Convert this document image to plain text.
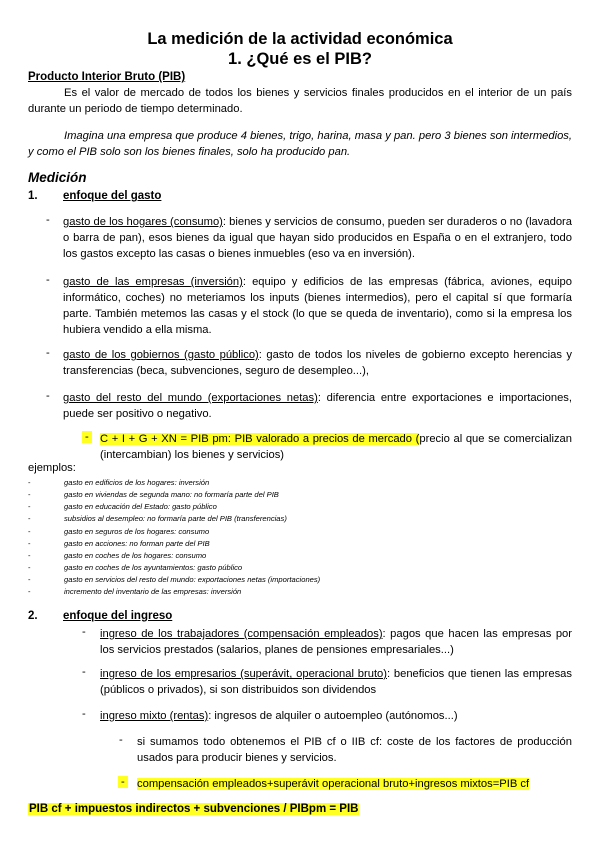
La medición de la actividad económica
1. ¿Qué es el PIB?
Producto Interior Bruto (PIB)
Es el valor de mercado de todos los bienes y servicios finales producidos en el interior de un país durante un periodo de tiempo determinado.
Imagina una empresa que produce 4 bienes, trigo, harina, masa y pan. pero 3 bienes son intermedios, y como el PIB solo son los bienes finales, solo ha producido pan.
Medición
1. enfoque del gasto
- gasto de los hogares (consumo): bienes y servicios de consumo, pueden ser duraderos o no (lavadora o barra de pan), esos bienes da igual que hayan sido producidos en España o en el extranjero, todo los gastos excepto las casas o bienes inmuebles (eso va en inversión).
- gasto de las empresas (inversión): equipo y edificios de las empresas (fábrica, aviones, equipo informático, coches) no meteriamos los inputs (bienes intermedios), pero el capital sí que formaría parte. También metemos las casas y el stock (lo que se queda de inventario), como si la empresa los hubiera vendido a ella misma.
- gasto de los gobiernos (gasto público): gasto de todos los niveles de gobierno excepto herencias y transferencias (beca, subvenciones, seguro de desempleo...),
- gasto del resto del mundo (exportaciones netas): diferencia entre exportaciones e importaciones, puede ser positivo o negativo.
- C + I + G + XN = PIB pm: PIB valorado a precios de mercado (precio al que se comercializan (intercambian) los bienes y servicios)
ejemplos:
-	gasto en edificios de los hogares: inversión
-	gasto en viviendas de segunda mano: no formaría parte del PIB
-	gasto en educación del Estado: gasto público
-	subsidios al desempleo: no formaría parte del PIB (transferencias)
-	gasto en seguros de los hogares: consumo
-	gasto en acciones: no forman parte del PIB
-	gasto en coches de los hogares: consumo
-	gasto en coches de los ayuntamientos: gasto público
-	gasto en servicios del resto del mundo: exportaciones netas (importaciones)
-	incremento del inventario de las empresas: inversión
2. enfoque del ingreso
- ingreso de los trabajadores (compensación empleados): pagos que hacen las empresas por los servicios prestados (salarios, planes de pensiones empresariales...)
- ingreso de los empresarios (superávit, operacional bruto): beneficios que tienen las empresas (públicos o privados), si son distribuidos son dividendos
- ingreso mixto (rentas): ingresos de alquiler o autoempleo (autónomos...)
- si sumamos todo obtenemos el PIB cf o IIB cf: coste de los factores de producción usados para producir bienes y servicios.
- compensación empleados+superávit operacional bruto+ingresos mixtos=PIB cf
PIB cf + impuestos indirectos + subvenciones / PIBpm = PIB
